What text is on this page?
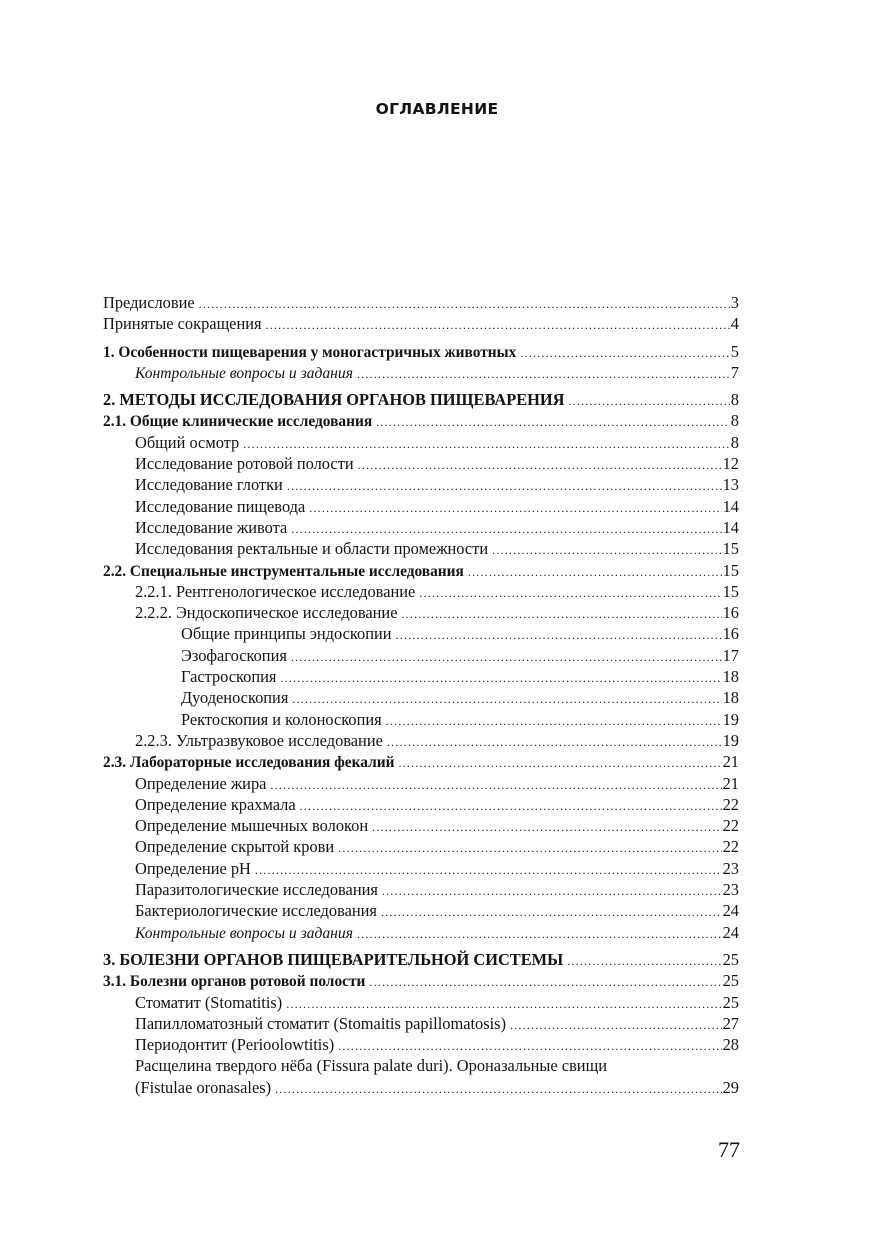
ОГЛАВЛЕНИЕ
Предисловие .....	3
Принятые сокращения .....	4
1. Особенности пищеварения у моногастричных животных .....	5
Контрольные вопросы и задания .....	7
2. МЕТОДЫ ИССЛЕДОВАНИЯ ОРГАНОВ ПИЩЕВАРЕНИЯ .....	8
2.1. Общие клинические исследования .....	8
Общий осмотр .....	8
Исследование ротовой полости .....	12
Исследование глотки .....	13
Исследование пищевода .....	14
Исследование живота .....	14
Исследования ректальные и области промежности .....	15
2.2. Специальные инструментальные исследования .....	15
2.2.1. Рентгенологическое исследование .....	15
2.2.2. Эндоскопическое исследование .....	16
Общие принципы эндоскопии .....	16
Эзофагоскопия .....	17
Гастроскопия .....	18
Дуоденоскопия .....	18
Ректоскопия и колоноскопия .....	19
2.2.3. Ультразвуковое исследование .....	19
2.3. Лабораторные исследования фекалий .....	21
Определение жира .....	21
Определение крахмала .....	22
Определение мышечных волокон .....	22
Определение скрытой крови .....	22
Определение pH .....	23
Паразитологические исследования .....	23
Бактериологические исследования .....	24
Контрольные вопросы и задания .....	24
3. БОЛЕЗНИ ОРГАНОВ ПИЩЕВАРИТЕЛЬНОЙ СИСТЕМЫ .....	25
3.1. Болезни органов ротовой полости .....	25
Стоматит (Stomatitis) .....	25
Папилломатозный стоматит (Stomaitis papillomatosis) .....	27
Периодонтит (Perioolowtitis) .....	28
Расщелина твердого нёба (Fissura palate duri). Ороназальные свищи
(Fistulae oronasales) .....	29
77
